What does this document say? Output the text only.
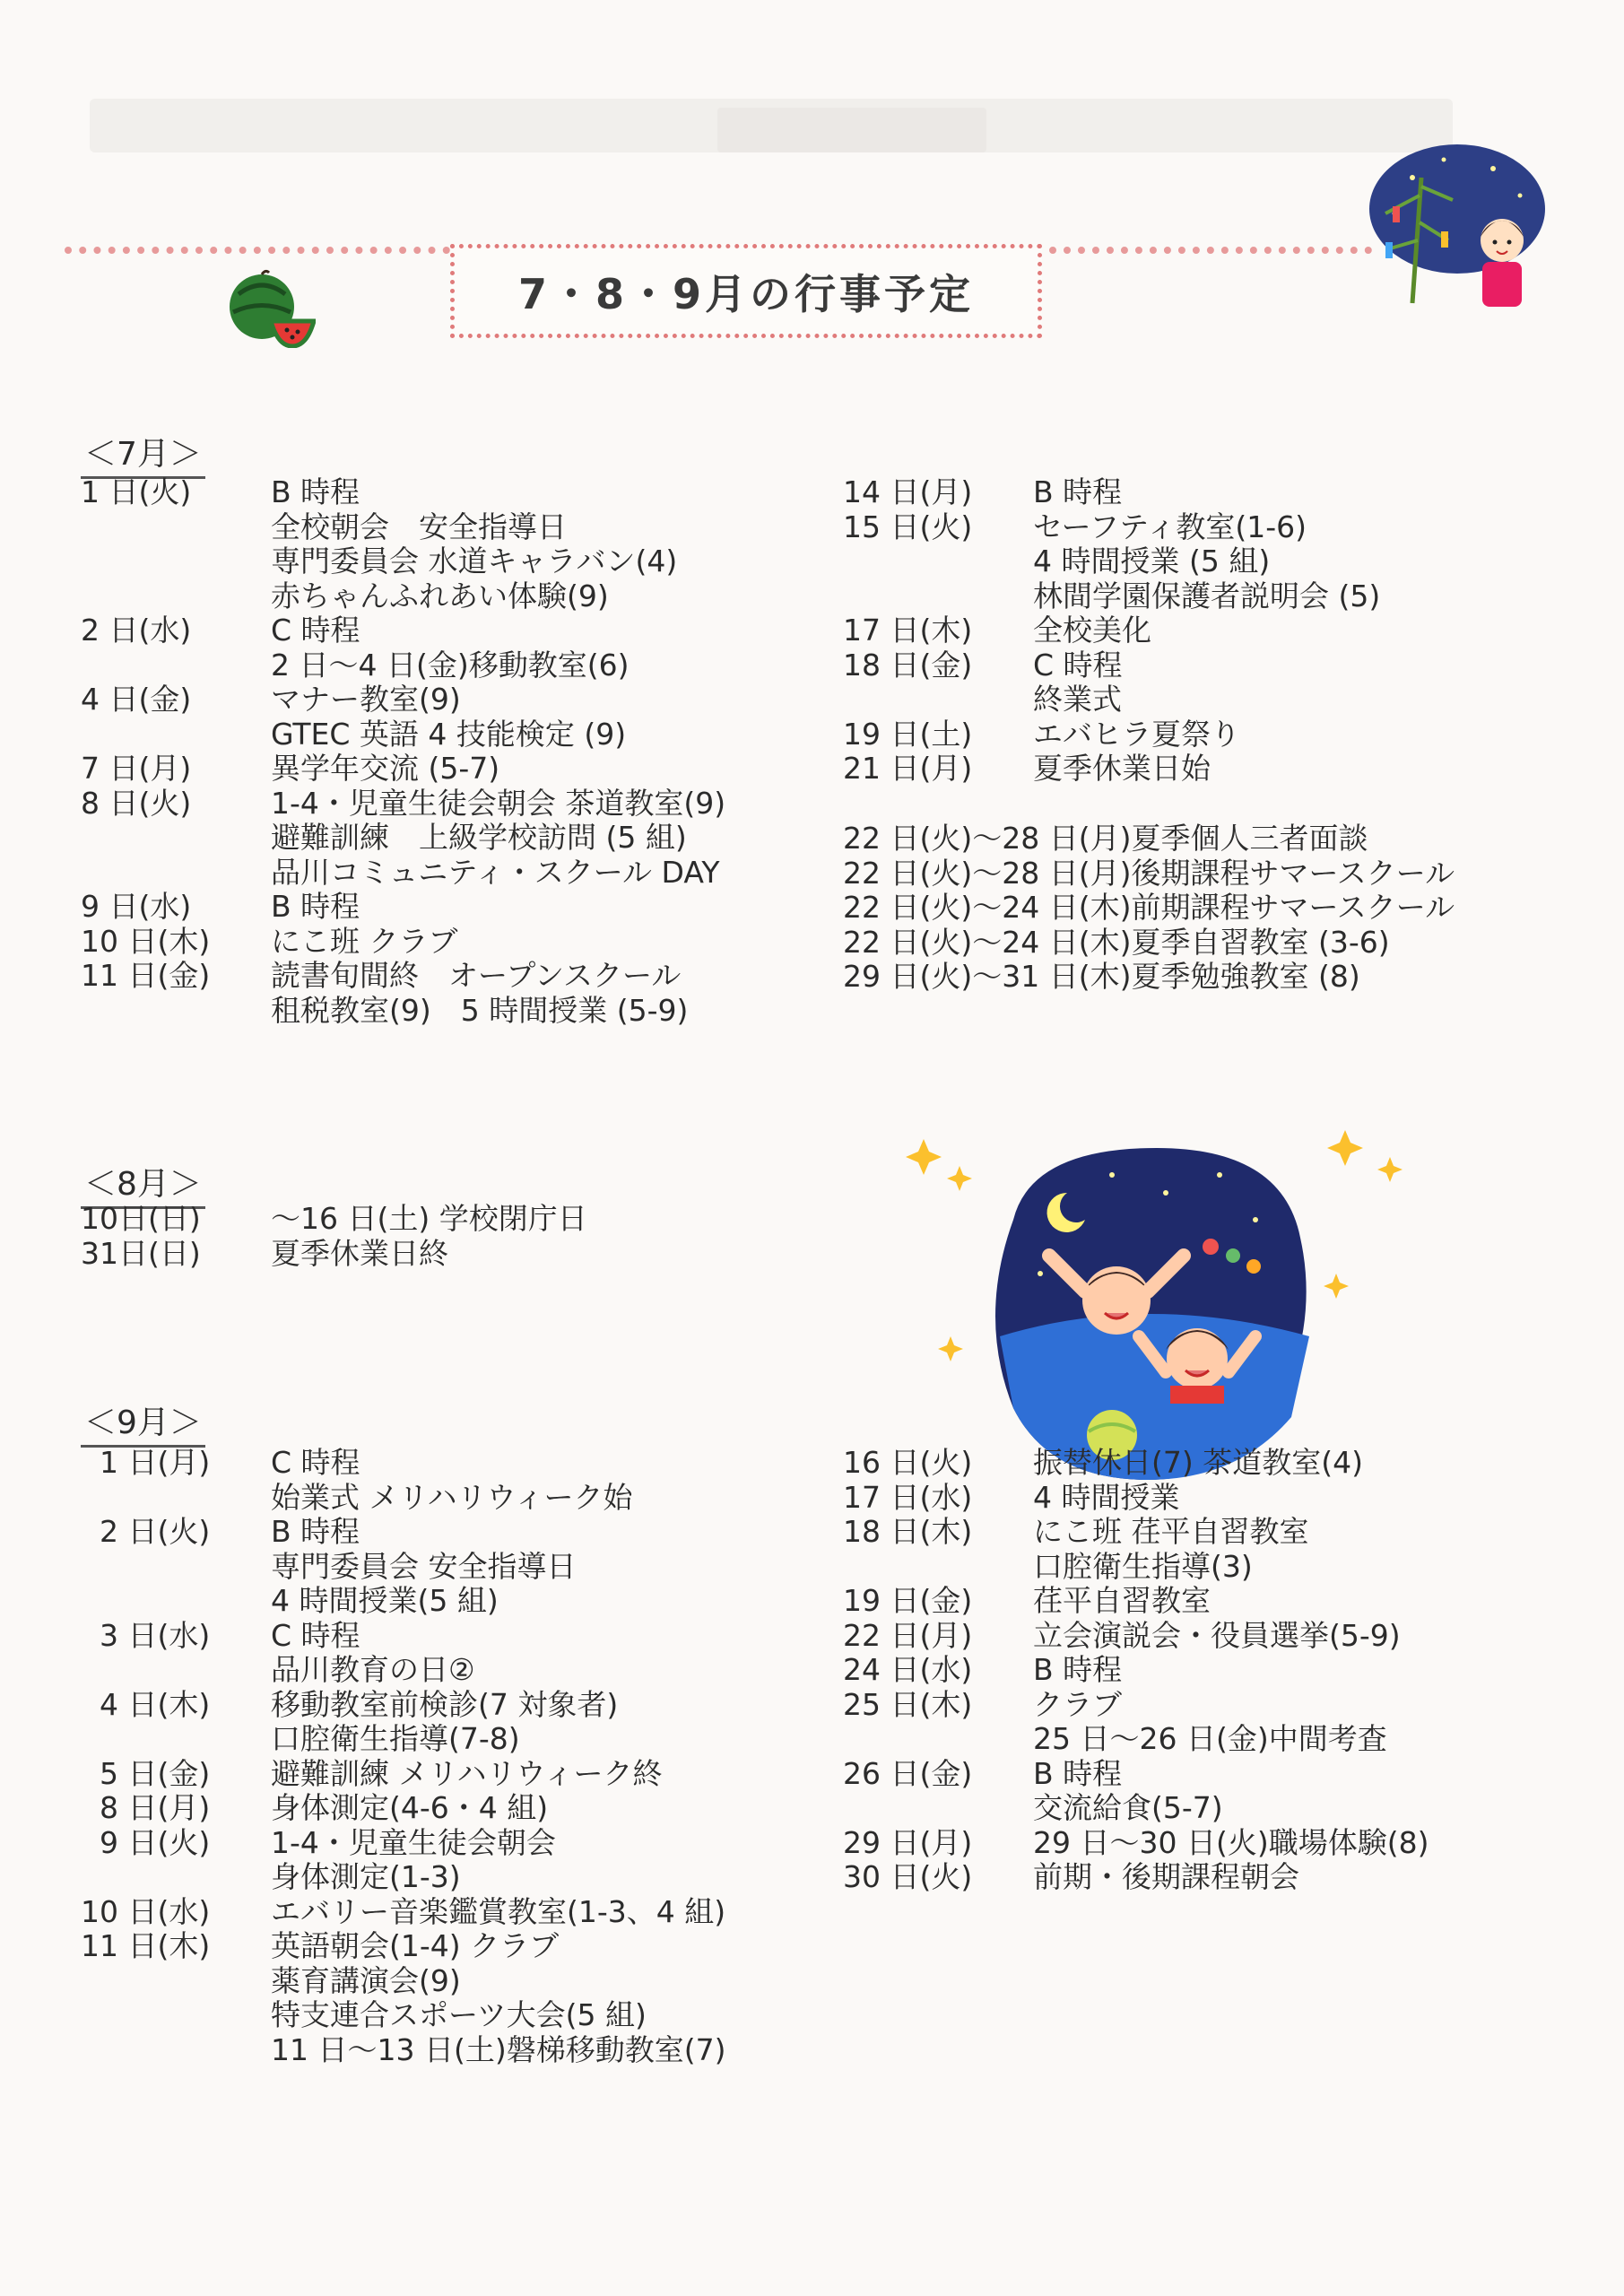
7・8・9月の行事予定
＜7月＞
1 日(火)	B 時程
全校朝会　安全指導日
専門委員会 水道キャラバン(4)
赤ちゃんふれあい体験(9)
2 日(水)	C 時程
2 日～4 日(金)移動教室(6)
4 日(金)	マナー教室(9)
GTEC 英語 4 技能検定 (9)
7 日(月)	異学年交流 (5-7)
8 日(火)	1-4・児童生徒会朝会 茶道教室(9)
避難訓練　上級学校訪問 (5 組)
品川コミュニティ・スクール DAY
9 日(水)	B 時程
10 日(木)	にこ班 クラブ
11 日(金)	読書旬間終　オープンスクール
租税教室(9)　5 時間授業 (5-9)
14 日(月)	B 時程
15 日(火)	セーフティ教室(1-6)
4 時間授業 (5 組)
林間学園保護者説明会 (5)
17 日(木)	全校美化
18 日(金)	C 時程
終業式
19 日(土)	エバヒラ夏祭り
21 日(月)	夏季休業日始
22 日(火)～28 日(月)夏季個人三者面談
22 日(火)～28 日(月)後期課程サマースクール
22 日(火)～24 日(木)前期課程サマースクール
22 日(火)～24 日(木)夏季自習教室 (3-6)
29 日(火)～31 日(木)夏季勉強教室 (8)
＜8月＞
10日(日)	～16 日(土) 学校閉庁日
31日(日)	夏季休業日終
＜9月＞
1 日(月)	C 時程
始業式 メリハリウィーク始
2 日(火)	B 時程
専門委員会 安全指導日
4 時間授業(5 組)
3 日(水)	C 時程
品川教育の日②
4 日(木)	移動教室前検診(7 対象者)
口腔衛生指導(7-8)
5 日(金)	避難訓練 メリハリウィーク終
8 日(月)	身体測定(4-6・4 組)
9 日(火)	1-4・児童生徒会朝会
身体測定(1-3)
10 日(水)	エバリー音楽鑑賞教室(1-3、4 組)
11 日(木)	英語朝会(1-4) クラブ
薬育講演会(9)
特支連合スポーツ大会(5 組)
11 日～13 日(土)磐梯移動教室(7)
16 日(火)	振替休日(7) 茶道教室(4)
17 日(水)	4 時間授業
18 日(木)	にこ班 荏平自習教室
口腔衛生指導(3)
19 日(金)	荏平自習教室
22 日(月)	立会演説会・役員選挙(5-9)
24 日(水)	B 時程
25 日(木)	クラブ
25 日～26 日(金)中間考査
26 日(金)	B 時程
交流給食(5-7)
29 日(月)	29 日～30 日(火)職場体験(8)
30 日(火)	前期・後期課程朝会
